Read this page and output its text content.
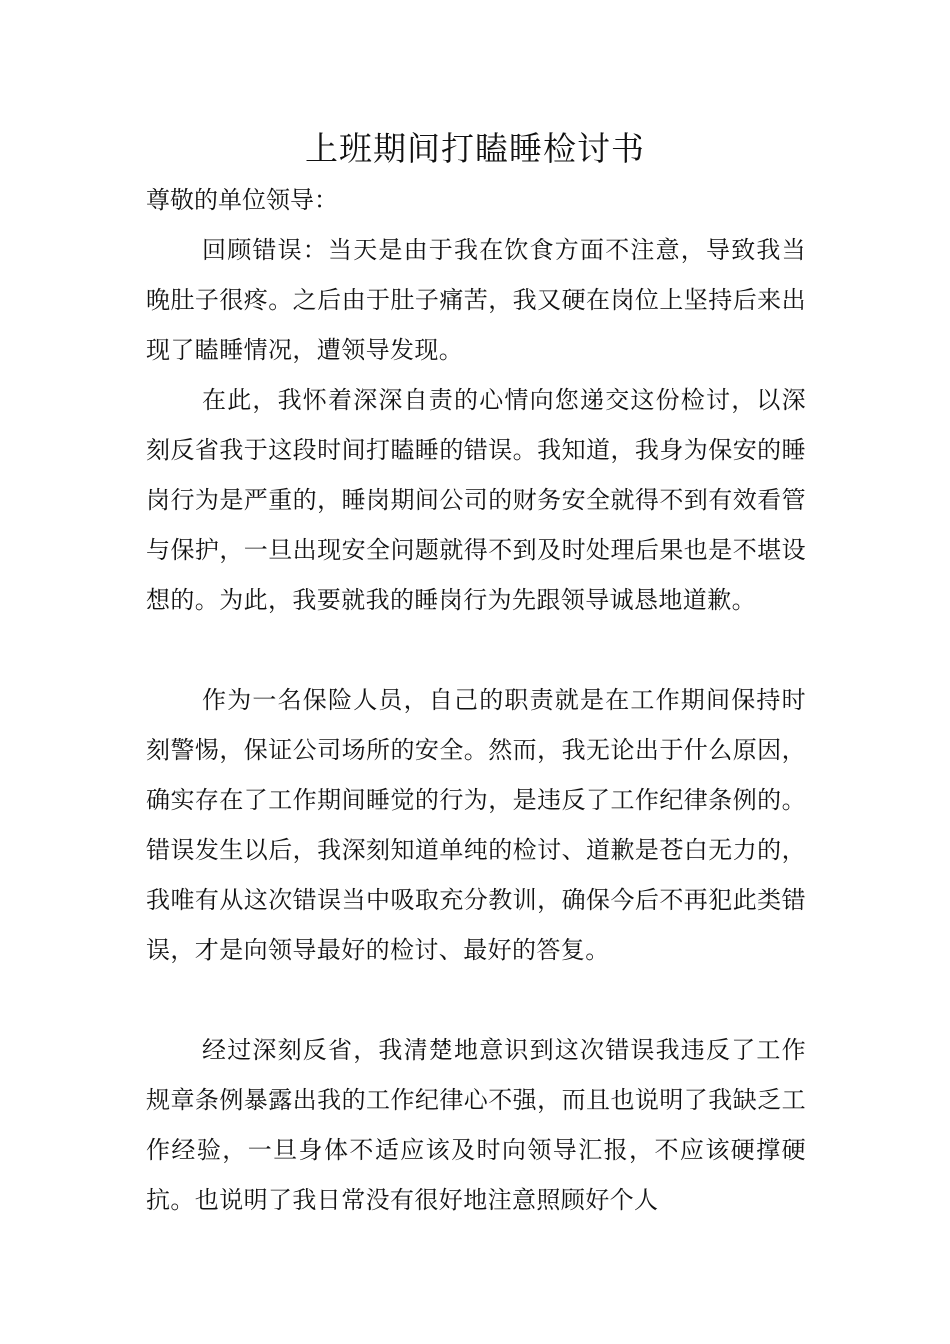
上班期间打瞌睡检讨书

尊敬的单位领导：

回顾错误：当天是由于我在饮食方面不注意，导致我当晚肚子很疼。之后由于肚子痛苦，我又硬在岗位上坚持后来出现了瞌睡情况，遭领导发现。

在此，我怀着深深自责的心情向您递交这份检讨，以深刻反省我于这段时间打瞌睡的错误。我知道，我身为保安的睡岗行为是严重的，睡岗期间公司的财务安全就得不到有效看管与保护，一旦出现安全问题就得不到及时处理后果也是不堪设想的。为此，我要就我的睡岗行为先跟领导诚恳地道歉。

作为一名保险人员，自己的职责就是在工作期间保持时刻警惕，保证公司场所的安全。然而，我无论出于什么原因，确实存在了工作期间睡觉的行为，是违反了工作纪律条例的。错误发生以后，我深刻知道单纯的检讨、道歉是苍白无力的，我唯有从这次错误当中吸取充分教训，确保今后不再犯此类错误，才是向领导最好的检讨、最好的答复。

经过深刻反省，我清楚地意识到这次错误我违反了工作规章条例暴露出我的工作纪律心不强，而且也说明了我缺乏工作经验，一旦身体不适应该及时向领导汇报，不应该硬撑硬抗。也说明了我日常没有很好地注意照顾好个人
